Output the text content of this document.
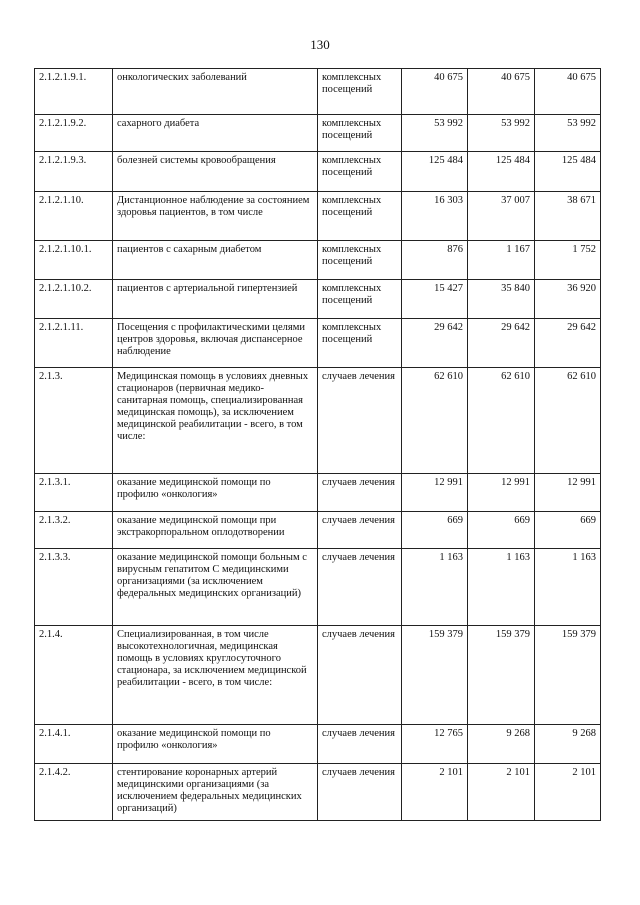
130
2.1.2.1.9.1.	онкологических заболеваний	комплексных посещений	40 675	40 675	40 675
2.1.2.1.9.2.	сахарного диабета	комплексных посещений	53 992	53 992	53 992
2.1.2.1.9.3.	болезней системы кровообращения	комплексных посещений	125 484	125 484	125 484
2.1.2.1.10.	Дистанционное наблюдение за состоянием здоровья пациентов, в том числе	комплексных посещений	16 303	37 007	38 671
2.1.2.1.10.1.	пациентов с сахарным диабетом	комплексных посещений	876	1 167	1 752
2.1.2.1.10.2.	пациентов с артериальной гипертензией	комплексных посещений	15 427	35 840	36 920
2.1.2.1.11.	Посещения с профилактическими целями центров здоровья, включая диспансерное наблюдение	комплексных посещений	29 642	29 642	29 642
2.1.3.	Медицинская помощь в условиях дневных стационаров (первичная медико-санитарная помощь, специализированная медицинская помощь), за исключением медицинской реабилитации - всего, в том числе:	случаев лечения	62 610	62 610	62 610
2.1.3.1.	оказание медицинской помощи по профилю «онкология»	случаев лечения	12 991	12 991	12 991
2.1.3.2.	оказание медицинской помощи при экстракорпоральном оплодотворении	случаев лечения	669	669	669
2.1.3.3.	оказание медицинской помощи больным с вирусным гепатитом С медицинскими организациями (за исключением федеральных медицинских организаций)	случаев лечения	1 163	1 163	1 163
2.1.4.	Специализированная, в том числе высокотехнологичная, медицинская помощь в условиях круглосуточного стационара, за исключением медицинской реабилитации - всего, в том числе:	случаев лечения	159 379	159 379	159 379
2.1.4.1.	оказание медицинской помощи по профилю «онкология»	случаев лечения	12 765	9 268	9 268
2.1.4.2.	стентирование коронарных артерий медицинскими организациями (за исключением федеральных медицинских организаций)	случаев лечения	2 101	2 101	2 101
